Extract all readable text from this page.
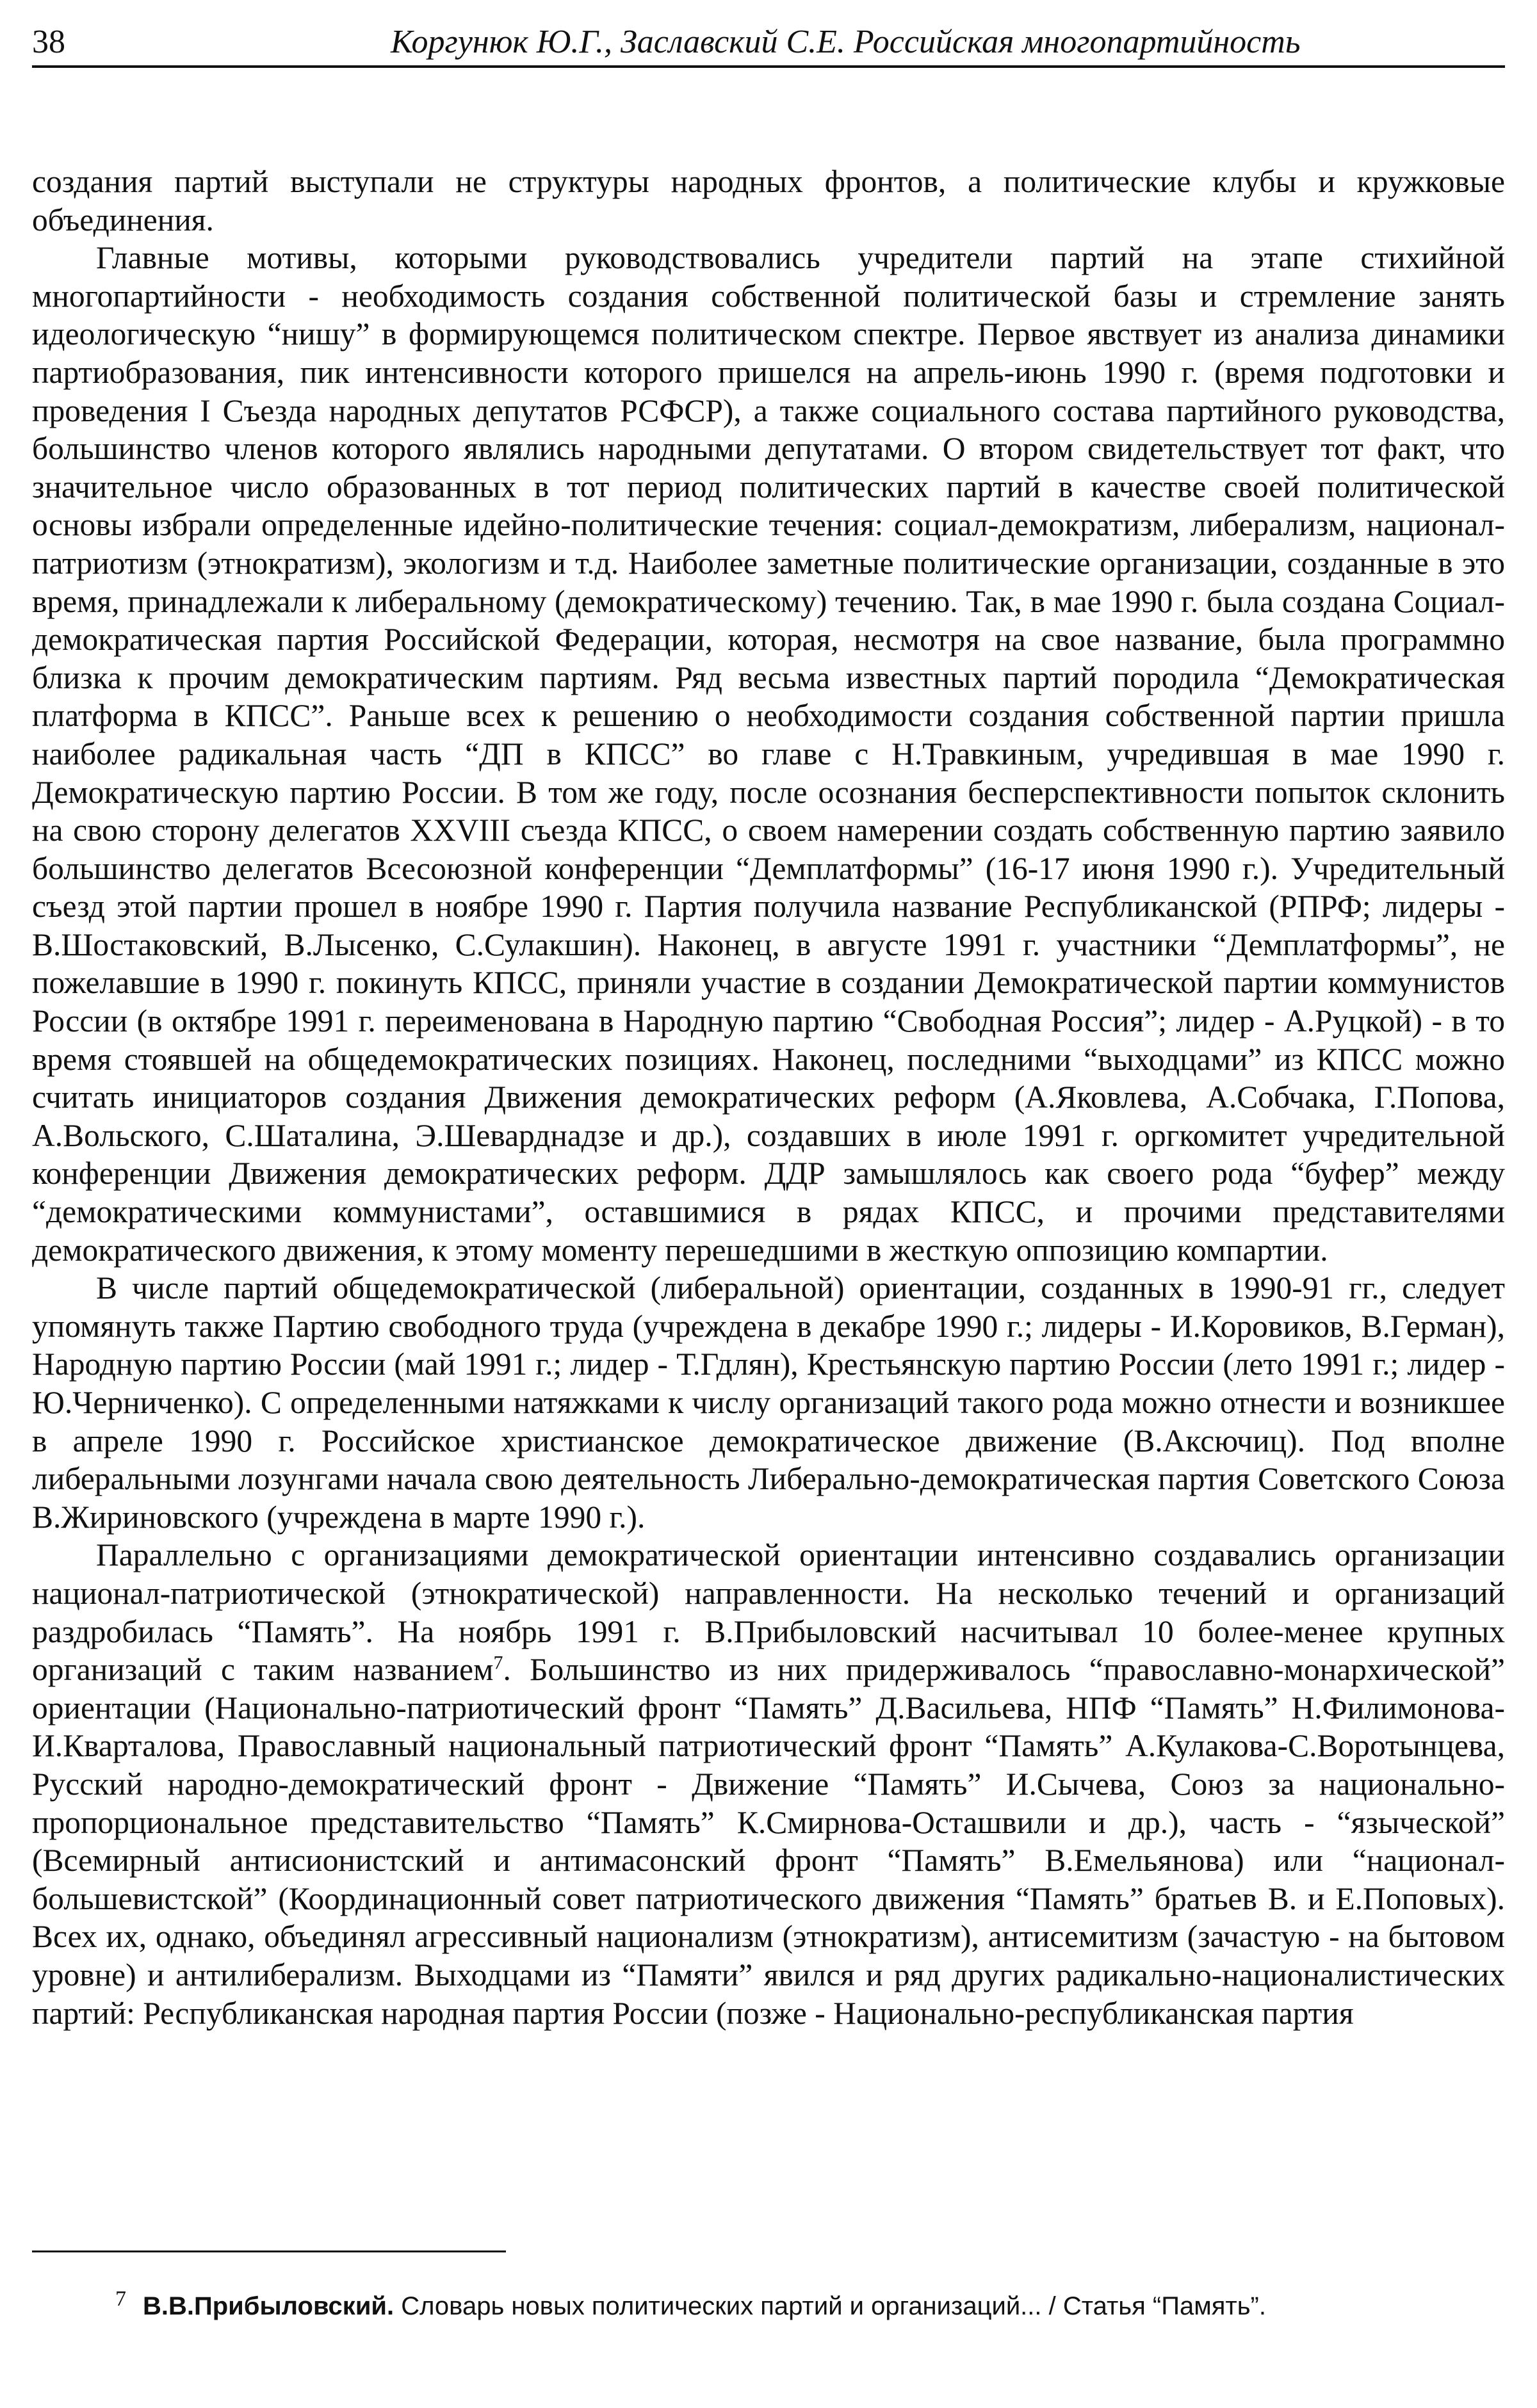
38	Коргунюк Ю.Г., Заславский С.Е. Российская многопартийность

создания партий выступали не структуры народных фронтов, а политические клубы и кружковые объединения.

Главные мотивы, которыми руководствовались учредители партий на этапе стихийной многопартийности - необходимость создания собственной политической базы и стремление занять идеологическую “нишу” в формирующемся политическом спектре. Первое явствует из анализа динамики партиобразования, пик интенсивности которого пришелся на апрель-июнь 1990 г. (время подготовки и проведения I Съезда народных депутатов РСФСР), а также социального состава партийного руководства, большинство членов которого являлись народными депутатами. О втором свидетельствует тот факт, что значительное число образованных в тот период политических партий в качестве своей политической основы избрали определенные идейно-политические течения: социал-демократизм, либерализм, национал-патриотизм (этнократизм), экологизм и т.д. Наиболее заметные политические организации, созданные в это время, принадлежали к либеральному (демократическому) течению. Так, в мае 1990 г. была создана Социал-демократическая партия Российской Федерации, которая, несмотря на свое название, была программно близка к прочим демократическим партиям. Ряд весьма известных партий породила “Демократическая платформа в КПСС”. Раньше всех к решению о необходимости создания собственной партии пришла наиболее радикальная часть “ДП в КПСС” во главе с Н.Травкиным, учредившая в мае 1990 г. Демократическую партию России. В том же году, после осознания бесперспективности попыток склонить на свою сторону делегатов XXVIII съезда КПСС, о своем намерении создать собственную партию заявило большинство делегатов Всесоюзной конференции “Демплатформы” (16-17 июня 1990 г.). Учредительный съезд этой партии прошел в ноябре 1990 г. Партия получила название Республиканской (РПРФ; лидеры - В.Шостаковский, В.Лысенко, С.Сулакшин). Наконец, в августе 1991 г. участники “Демплатформы”, не пожелавшие в 1990 г. покинуть КПСС, приняли участие в создании Демократической партии коммунистов России (в октябре 1991 г. переименована в Народную партию “Свободная Россия”; лидер - А.Руцкой) - в то время стоявшей на общедемократических позициях. Наконец, последними “выходцами” из КПСС можно считать инициаторов создания Движения демократических реформ (А.Яковлева, А.Собчака, Г.Попова, А.Вольского, С.Шаталина, Э.Шеварднадзе и др.), создавших в июле 1991 г. оргкомитет учредительной конференции Движения демократических реформ. ДДР замышлялось как своего рода “буфер” между “демократическими коммунистами”, оставшимися в рядах КПСС, и прочими представителями демократического движения, к этому моменту перешедшими в жесткую оппозицию компартии.

В числе партий общедемократической (либеральной) ориентации, созданных в 1990-91 гг., следует упомянуть также Партию свободного труда (учреждена в декабре 1990 г.; лидеры - И.Коровиков, В.Герман), Народную партию России (май 1991 г.; лидер - Т.Гдлян), Крестьянскую партию России (лето 1991 г.; лидер - Ю.Черниченко). С определенными натяжками к числу организаций такого рода можно отнести и возникшее в апреле 1990 г. Российское христианское демократическое движение (В.Аксючиц). Под вполне либеральными лозунгами начала свою деятельность Либерально-демократическая партия Советского Союза В.Жириновского (учреждена в марте 1990 г.).

Параллельно с организациями демократической ориентации интенсивно создавались организации национал-патриотической (этнократической) направленности. На несколько течений и организаций раздробилась “Память”. На ноябрь 1991 г. В.Прибыловский насчитывал 10 более-менее крупных организаций с таким названием$^7$. Большинство из них придерживалось “православно-монархической” ориентации (Национально-патриотический фронт “Память” Д.Васильева, НПФ “Память” Н.Филимонова-И.Кварталова, Православный национальный патриотический фронт “Память” А.Кулакова-С.Воротынцева, Русский народно-демократический фронт - Движение “Память” И.Сычева, Союз за национально-пропорциональное представительство “Память” К.Смирнова-Осташвили и др.), часть - “языческой” (Всемирный антисионистский и антимасонский фронт “Память” В.Емельянова) или “национал-большевистской” (Координационный совет патриотического движения “Память” братьев В. и Е.Поповых). Всех их, однако, объединял агрессивный национализм (этнократизм), антисемитизм (зачастую - на бытовом уровне) и антилиберализм. Выходцами из “Памяти” явился и ряд других радикально-националистических партий: Республиканская народная партия России (позже - Национально-республиканская партия

$^7$ В.В.Прибыловский. Словарь новых политических партий и организаций... / Статья “Память”.
